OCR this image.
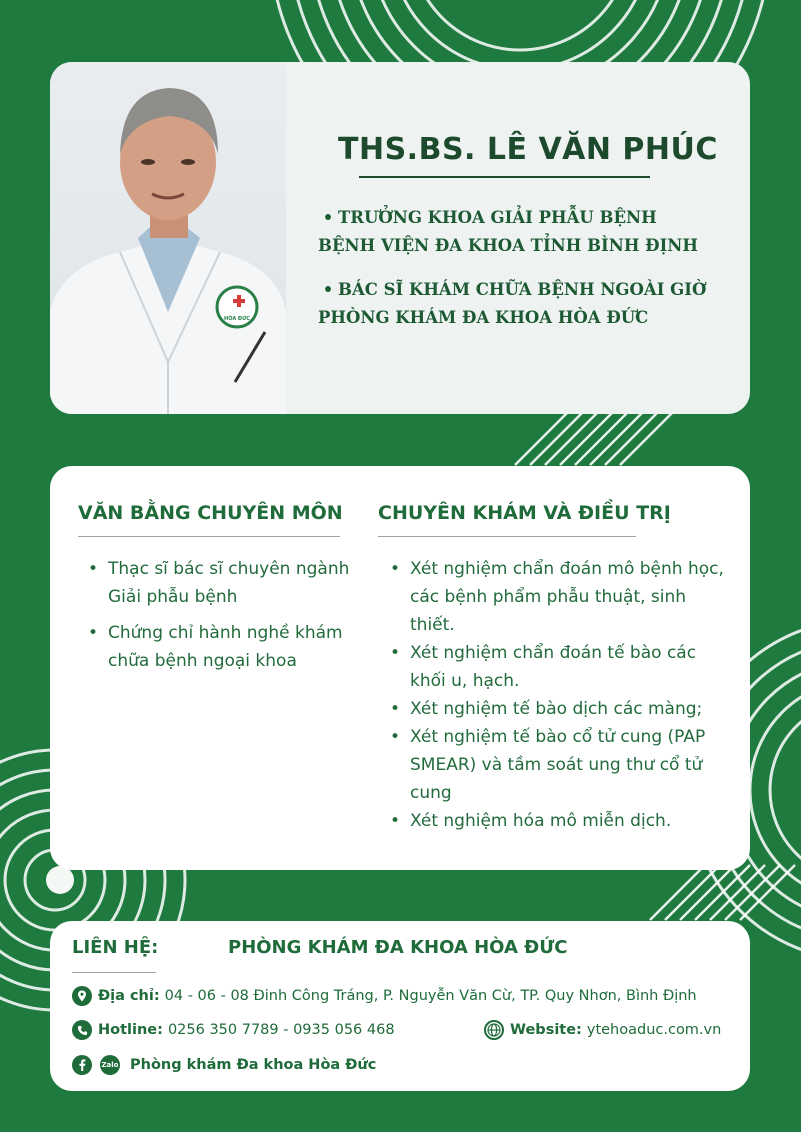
HÒA ĐỨC
THS.BS. LÊ VĂN PHÚC
• TRƯỞNG KHOA GIẢI PHẪU BỆNH
BỆNH VIỆN ĐA KHOA TỈNH BÌNH ĐỊNH
• BÁC SĨ KHÁM CHỮA BỆNH NGOÀI GIỜ
PHÒNG KHÁM ĐA KHOA HÒA ĐỨC
VĂN BẰNG CHUYÊN MÔN
• Thạc sĩ bác sĩ chuyên ngành Giải phẫu bệnh
• Chứng chỉ hành nghề khám chữa bệnh ngoại khoa
CHUYÊN KHÁM VÀ ĐIỀU TRỊ
• Xét nghiệm chẩn đoán mô bệnh học, các bệnh phẩm phẫu thuật, sinh thiết.
• Xét nghiệm chẩn đoán tế bào các khối u, hạch.
• Xét nghiệm tế bào dịch các màng;
• Xét nghiệm tế bào cổ tử cung (PAP SMEAR) và tầm soát ung thư cổ tử cung
• Xét nghiệm hóa mô miễn dịch.
LIÊN HỆ:	PHÒNG KHÁM ĐA KHOA HÒA ĐỨC
Địa chỉ: 04 - 06 - 08 Đinh Công Tráng, P. Nguyễn Văn Cừ, TP. Quy Nhơn, Bình Định
Hotline: 0256 350 7789 - 0935 056 468	Website: ytehoaduc.com.vn
Zalo Phòng khám Đa khoa Hòa Đức
